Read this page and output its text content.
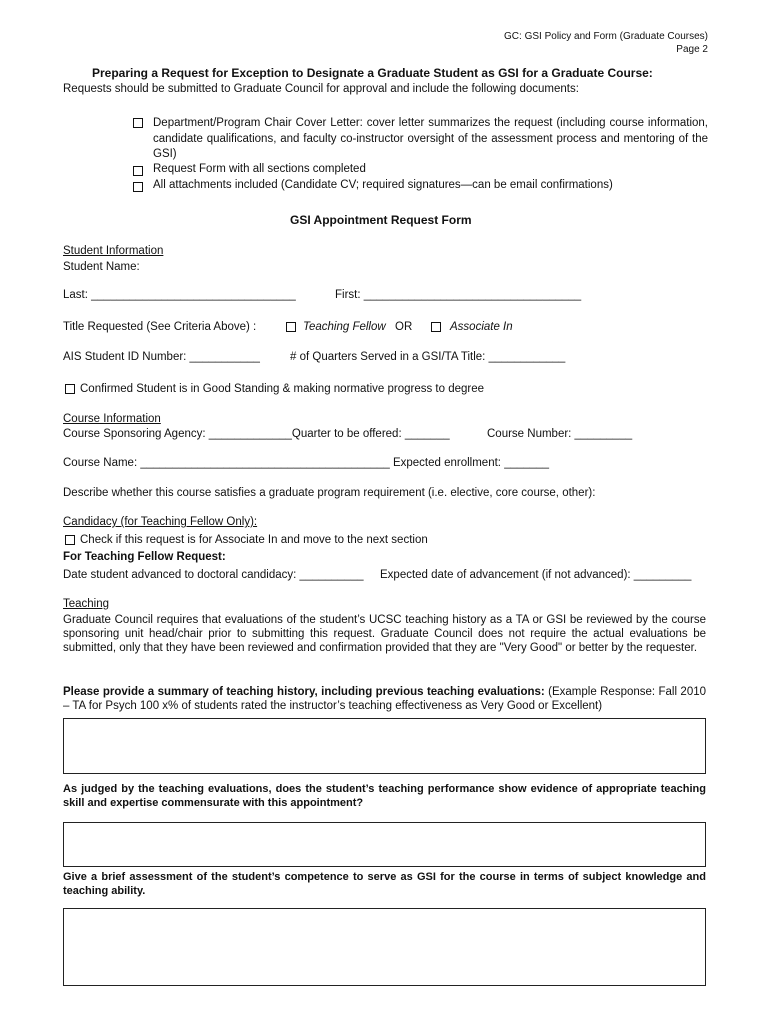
GC: GSI Policy and Form (Graduate Courses)
Page 2
Preparing a Request for Exception to Designate a Graduate Student as GSI for a Graduate Course:
Requests should be submitted to Graduate Council for approval and include the following documents:
Department/Program Chair Cover Letter: cover letter summarizes the request (including course information, candidate qualifications, and faculty co-instructor oversight of the assessment process and mentoring of the GSI)
Request Form with all sections completed
All attachments included (Candidate CV; required signatures—can be email confirmations)
GSI Appointment Request Form
Student Information
Student Name:
Last: ________________________________	First: __________________________________
Title Requested (See Criteria Above) :	Teaching Fellow OR	Associate In
AIS Student ID Number: ___________	# of Quarters Served in a GSI/TA Title: ____________
Confirmed Student is in Good Standing & making normative progress to degree
Course Information
Course Sponsoring Agency: _____________Quarter to be offered: _______	Course Number: _________
Course Name: _______________________________________ Expected enrollment: _______
Describe whether this course satisfies a graduate program requirement (i.e. elective, core course, other):
Candidacy (for Teaching Fellow Only):
Check if this request is for Associate In and move to the next section
For Teaching Fellow Request:
Date student advanced to doctoral candidacy: __________ Expected date of advancement (if not advanced): _________
Teaching
Graduate Council requires that evaluations of the student’s UCSC teaching history as a TA or GSI be reviewed by the course sponsoring unit head/chair prior to submitting this request. Graduate Council does not require the actual evaluations be submitted, only that they have been reviewed and confirmation provided that they are "Very Good" or better by the requester.
Please provide a summary of teaching history, including previous teaching evaluations: (Example Response: Fall 2010 – TA for Psych 100 x% of students rated the instructor’s teaching effectiveness as Very Good or Excellent)
As judged by the teaching evaluations, does the student’s teaching performance show evidence of appropriate teaching skill and expertise commensurate with this appointment?
Give a brief assessment of the student’s competence to serve as GSI for the course in terms of subject knowledge and teaching ability.
